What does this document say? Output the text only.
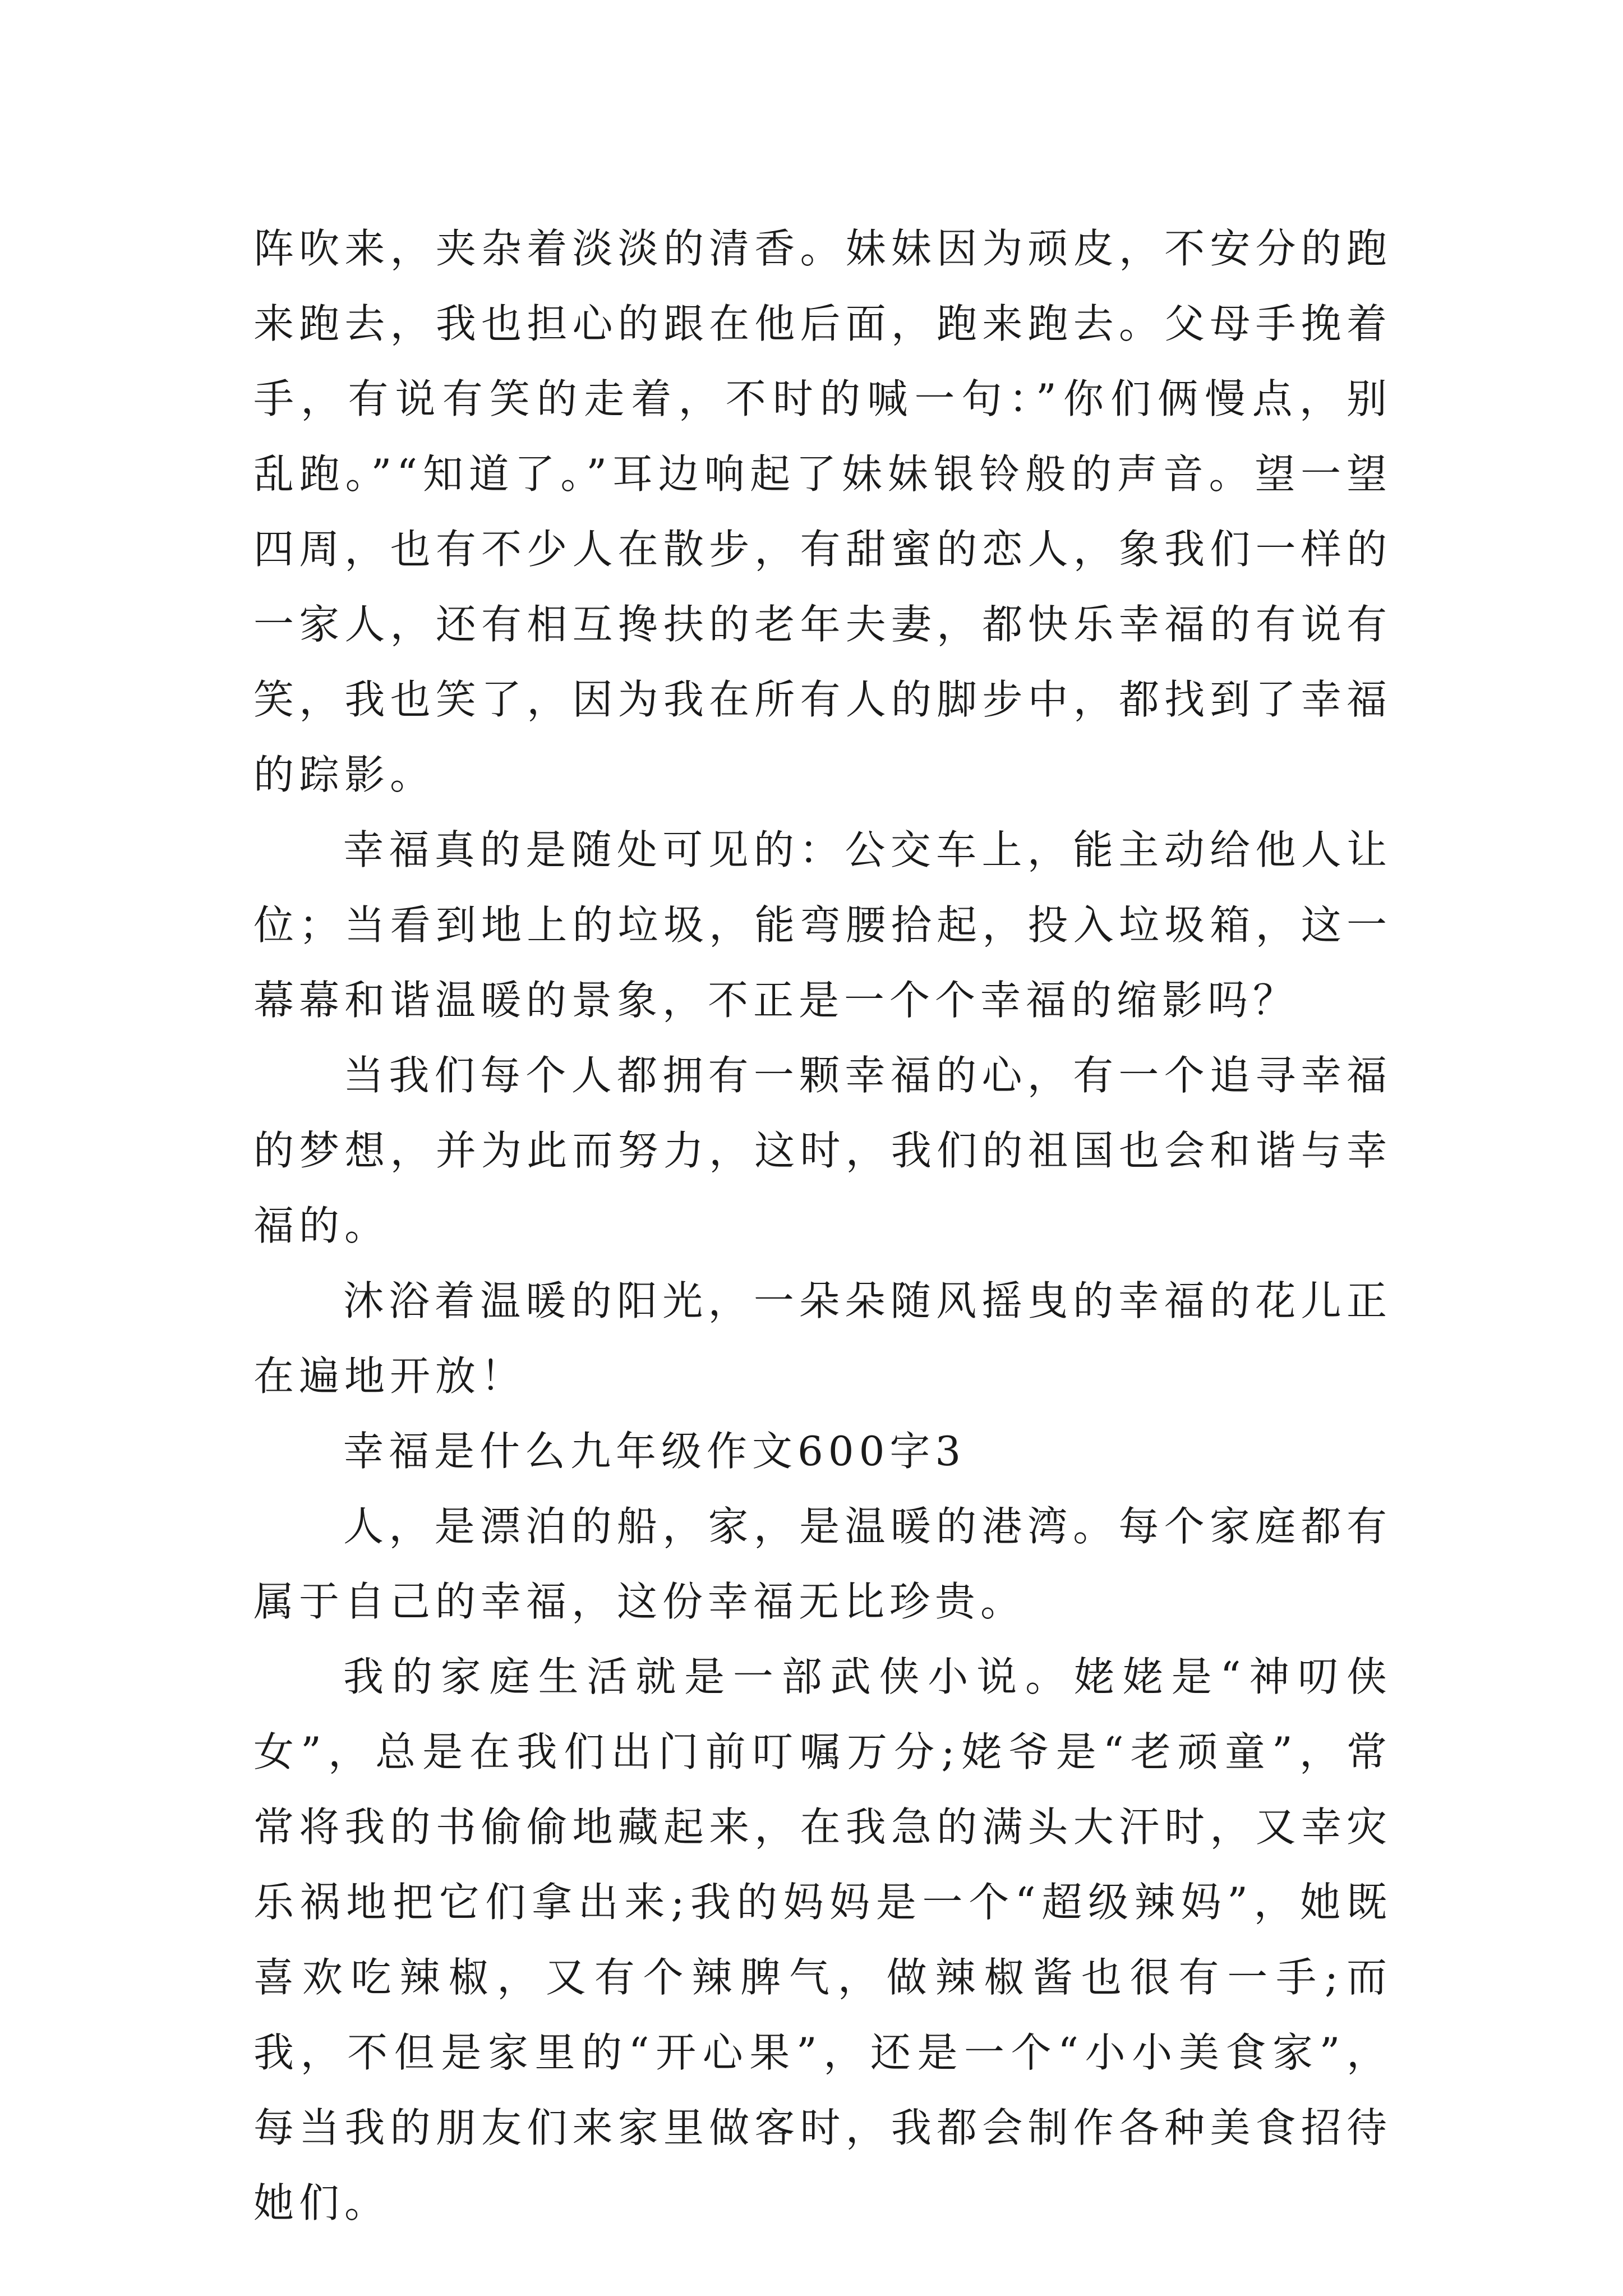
阵吹来，夹杂着淡淡的清香。妹妹因为顽皮，不安分的跑来跑去，我也担心的跟在他后面，跑来跑去。父母手挽着手，有说有笑的走着，不时的喊一句：”你们俩慢点，别乱跑。”“知道了。”耳边响起了妹妹银铃般的声音。望一望四周，也有不少人在散步，有甜蜜的恋人，象我们一样的一家人，还有相互搀扶的老年夫妻，都快乐幸福的有说有笑，我也笑了，因为我在所有人的脚步中，都找到了幸福的踪影。

幸福真的是随处可见的：公交车上，能主动给他人让位；当看到地上的垃圾，能弯腰拾起，投入垃圾箱，这一幕幕和谐温暖的景象，不正是一个个幸福的缩影吗？

当我们每个人都拥有一颗幸福的心，有一个追寻幸福的梦想，并为此而努力，这时，我们的祖国也会和谐与幸福的。

沐浴着温暖的阳光，一朵朵随风摇曳的幸福的花儿正在遍地开放！

幸福是什么九年级作文600字3

人，是漂泊的船，家，是温暖的港湾。每个家庭都有属于自己的幸福，这份幸福无比珍贵。

我的家庭生活就是一部武侠小说。姥姥是“神叨侠女”，总是在我们出门前叮嘱万分;姥爷是“老顽童”，常常将我的书偷偷地藏起来，在我急的满头大汗时，又幸灾乐祸地把它们拿出来;我的妈妈是一个“超级辣妈”，她既喜欢吃辣椒，又有个辣脾气，做辣椒酱也很有一手;而我，不但是家里的“开心果”，还是一个“小小美食家”，每当我的朋友们来家里做客时，我都会制作各种美食招待她们。
